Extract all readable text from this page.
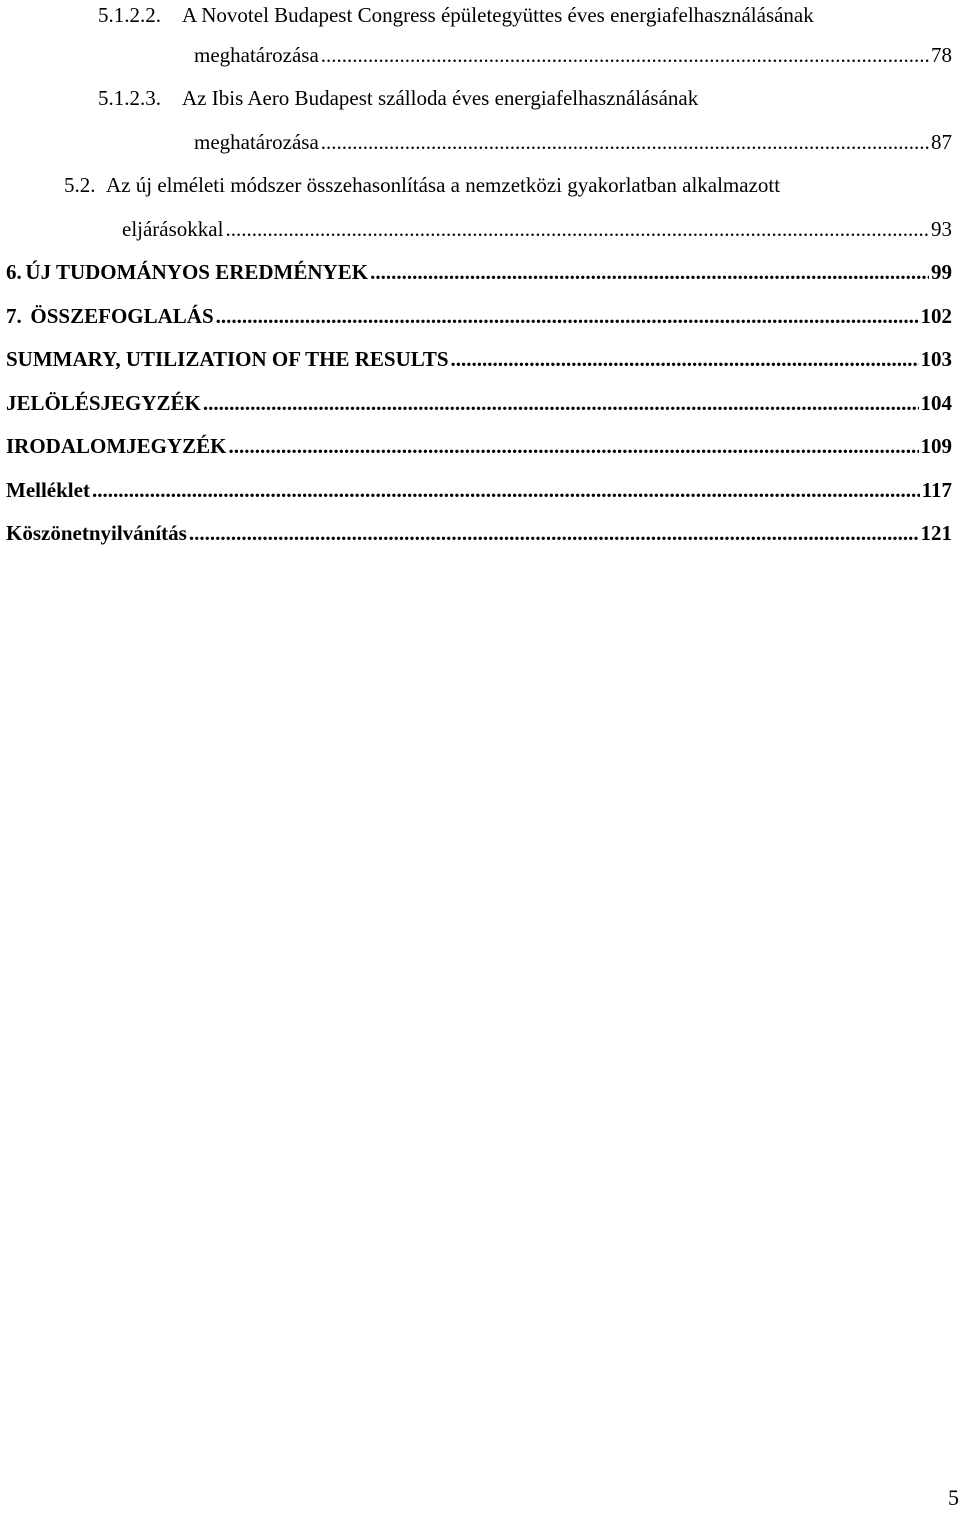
5.1.2.2.	A Novotel Budapest Congress épületegyüttes éves energiafelhasználásának
meghatározása .....	78
5.1.2.3.	Az Ibis Aero Budapest szálloda éves energiafelhasználásának
meghatározása .....	87
5.2. Az új elméleti módszer összehasonlítása a nemzetközi gyakorlatban alkalmazott
eljárásokkal .....	93
6. ÚJ TUDOMÁNYOS EREDMÉNYEK .....	99
7. ÖSSZEFOGLALÁS .....	102
SUMMARY, UTILIZATION OF THE RESULTS .....	103
JELÖLÉSJEGYZÉK .....	104
IRODALOMJEGYZÉK .....	109
Melléklet .....	117
Köszönetnyilvánítás .....	121
5
